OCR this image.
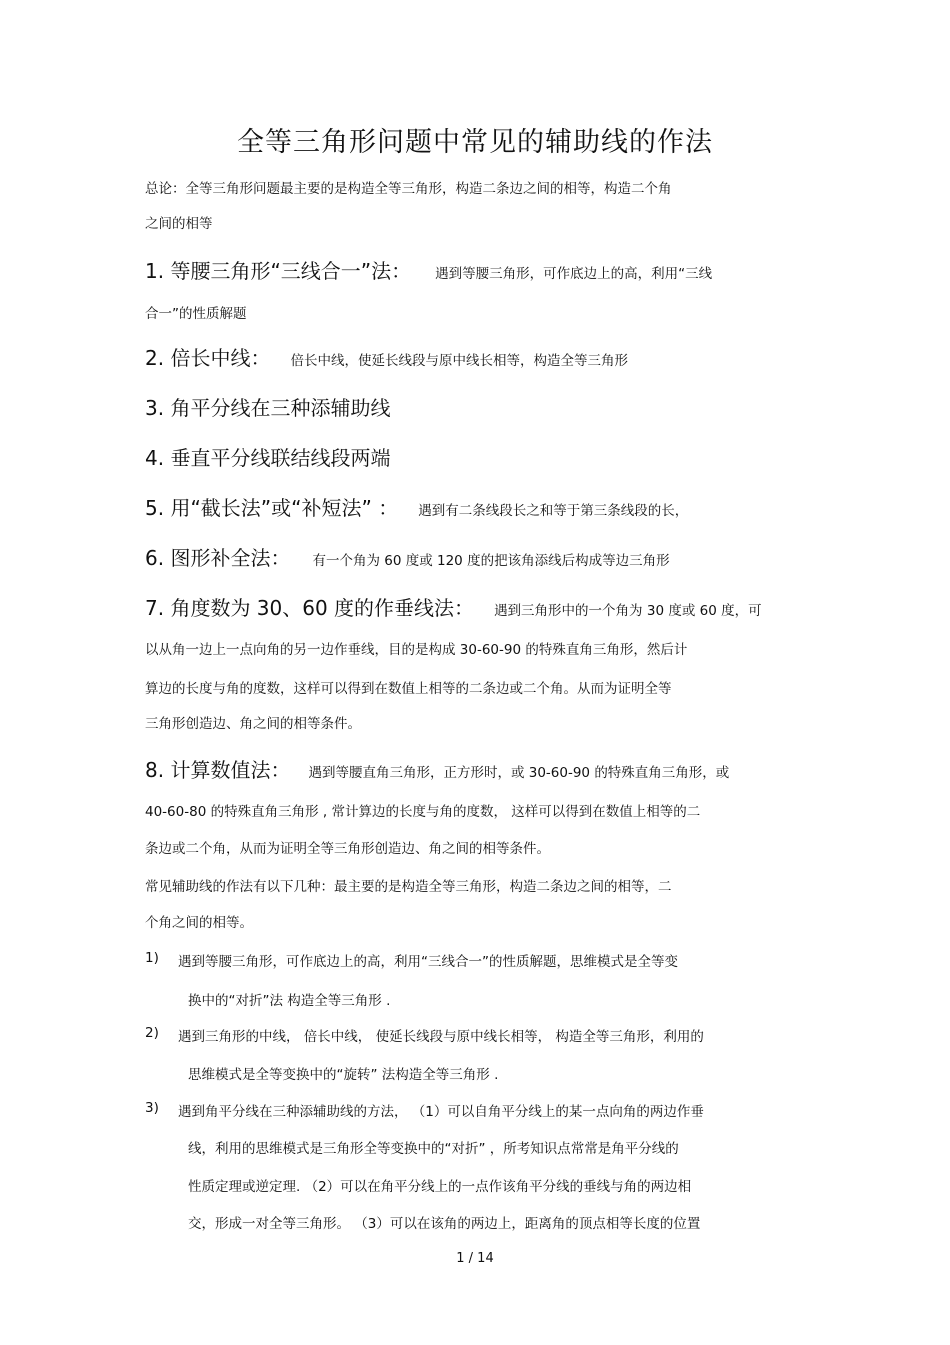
全等三角形问题中常见的辅助线的作法
总论：全等三角形问题最主要的是构造全等三角形，构造二条边之间的相等，构造二个角
之间的相等
1. 等腰三角形“三线合一”法： 遇到等腰三角形，可作底边上的高，利用“三线
合一”的性质解题
2. 倍长中线： 倍长中线，使延长线段与原中线长相等，构造全等三角形
3. 角平分线在三种添辅助线
4. 垂直平分线联结线段两端
5. 用“截长法”或“补短法” ： 遇到有二条线段长之和等于第三条线段的长，
6. 图形补全法： 有一个角为 60 度或 120 度的把该角添线后构成等边三角形
7. 角度数为 30、60 度的作垂线法： 遇到三角形中的一个角为 30 度或 60 度，可
以从角一边上一点向角的另一边作垂线，目的是构成 30-60-90 的特殊直角三角形，然后计
算边的长度与角的度数，这样可以得到在数值上相等的二条边或二个角。从而为证明全等
三角形创造边、角之间的相等条件。
8. 计算数值法： 遇到等腰直角三角形，正方形时，或 30-60-90 的特殊直角三角形，或
40-60-80 的特殊直角三角形 , 常计算边的长度与角的度数， 这样可以得到在数值上相等的二
条边或二个角，从而为证明全等三角形创造边、角之间的相等条件。
常见辅助线的作法有以下几种：最主要的是构造全等三角形，构造二条边之间的相等，二
个角之间的相等。
1) 遇到等腰三角形，可作底边上的高，利用“三线合一”的性质解题，思维模式是全等变
换中的“对折”法 构造全等三角形 .
2) 遇到三角形的中线， 倍长中线， 使延长线段与原中线长相等， 构造全等三角形，利用的
思维模式是全等变换中的“旋转” 法构造全等三角形 .
3) 遇到角平分线在三种添辅助线的方法， （1）可以自角平分线上的某一点向角的两边作垂
线，利用的思维模式是三角形全等变换中的“对折” ，所考知识点常常是角平分线的
性质定理或逆定理. （2）可以在角平分线上的一点作该角平分线的垂线与角的两边相
交，形成一对全等三角形。 （3）可以在该角的两边上，距离角的顶点相等长度的位置
1 / 14
